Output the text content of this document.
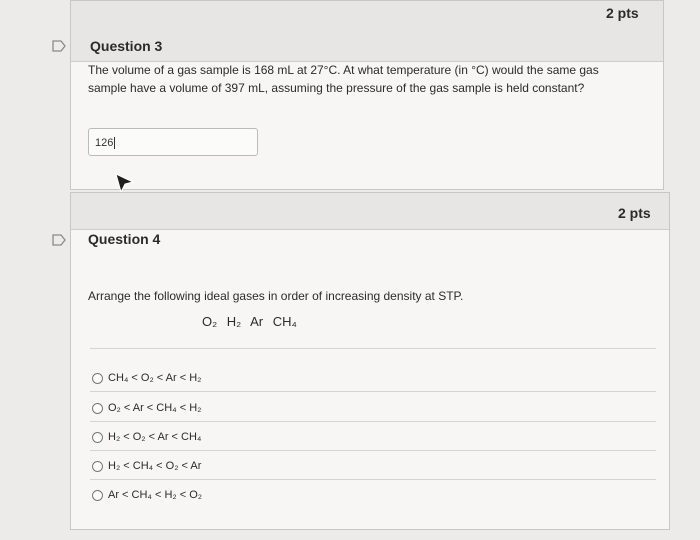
Question 3
2 pts
The volume of a gas sample is 168 mL at 27°C. At what temperature (in °C) would the same gas
sample have a volume of 397 mL, assuming the pressure of the gas sample is held constant?
126
Question 4
2 pts
Arrange the following ideal gases in order of increasing density at STP.
O₂ H₂ Ar CH₄
CH₄ < O₂ < Ar < H₂
O₂ < Ar < CH₄ < H₂
H₂ < O₂ < Ar < CH₄
H₂ < CH₄ < O₂ < Ar
Ar < CH₄ < H₂ < O₂
